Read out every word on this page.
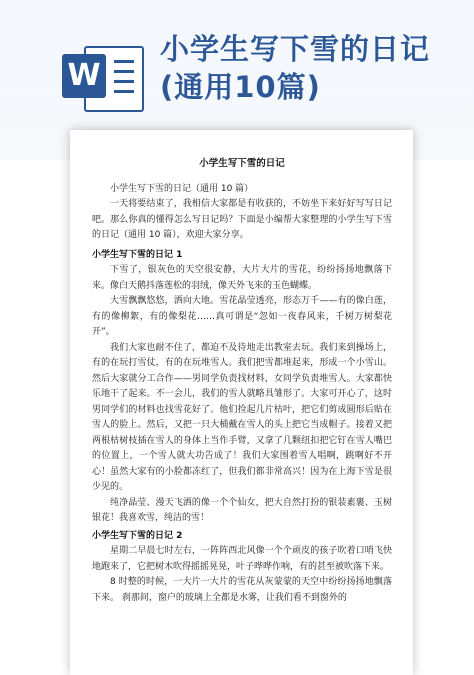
W
小学生写下雪的日记(通用10篇)
小学生写下雪的日记

小学生写下雪的日记（通用 10 篇）

一天将要结束了，我相信大家都是有收获的，不妨坐下来好好写写日记吧。那么你真的懂得怎么写日记吗？下面是小编帮大家整理的小学生写下雪的日记（通用 10 篇），欢迎大家分享。

小学生写下雪的日记 1

下雪了，银灰色的天空很安静，大片大片的雪花，纷纷扬扬地飘落下来。像白天鹅抖落莲松的羽绒，像天外飞来的玉色蝴蝶。

大雪飘飘悠悠，洒向大地。雪花晶莹透亮，形态万千——有的像白莲，有的像柳絮，有的像梨花……真可谓是“忽如一夜春风来，千树万树梨花开”。

我们大家也耐不住了，都迫不及待地走出教室去玩。我们来到操场上，有的在玩打雪仗，有的在玩堆雪人。我们把雪都堆起来，形成一个小雪山。然后大家就分工合作——男同学负责找材料，女同学负责堆雪人。大家都快乐地干了起来。不一会儿，我们的雪人就略具雏形了。大家可开心了，这时男同学们的材料也找雪花好了。他们捡起几片枯叶，把它们剪成圆形后贴在雪人的脸上。然后，又把一只大桶戴在雪人的头上把它当成帽子。接着又把两根枯树枝插在雪人的身体上当作手臂，又拿了几颗纽扣把它钉在雪人嘴巴的位置上，一个雪人就大功告成了！我们大家围着雪人唱啊，跳啊好不开心！虽然大家有的小脸都冻红了，但我们都非常高兴！因为在上海下雪是很少见的。

纯净晶莹、漫天飞洒的像一个个仙女，把大自然打扮的银装素裹、玉树银花！我喜欢雪，纯洁的雪！

小学生写下雪的日记 2

星期二早晨七时左右，一阵阵西北风像一个个顽皮的孩子吹着口哨飞快地跑来了，它把树木吹得摇摇晃晃，叶子哗哗作响，有的甚至被吹落下来。

8 时整的时候，一大片一大片的雪花从灰蒙蒙的天空中纷纷扬扬地飘落下来。 刹那间，窗户的玻璃上全都是水雾，让我们看不到窗外的
